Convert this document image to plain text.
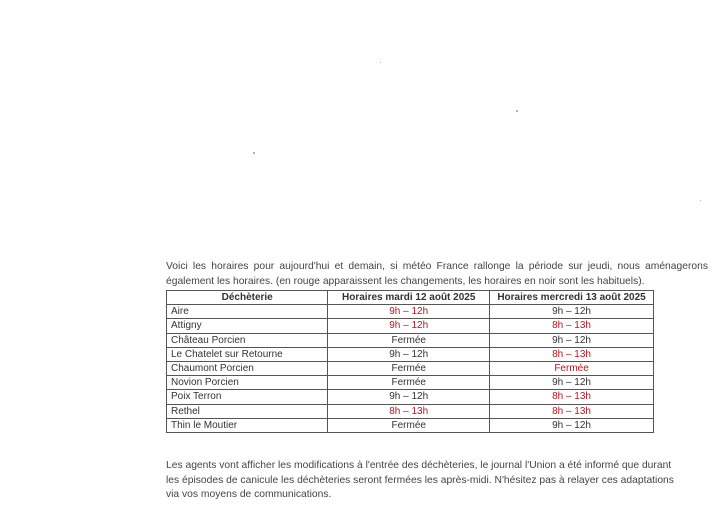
Voici les horaires pour aujourd'hui et demain, si météo France rallonge la période sur jeudi, nous aménagerons également les horaires. (en rouge apparaissent les changements, les horaires en noir sont les habituels).

Déchèterie	Horaires mardi 12 août 2025	Horaires mercredi 13 août 2025
Aire	9h – 12h	9h – 12h
Attigny	9h – 12h	8h – 13h
Château Porcien	Fermée	9h – 12h
Le Chatelet sur Retourne	9h – 12h	8h – 13h
Chaumont Porcien	Fermée	Fermée
Novion Porcien	Fermée	9h – 12h
Poix Terron	9h – 12h	8h – 13h
Rethel	8h – 13h	8h – 13h
Thin le Moutier	Fermée	9h – 12h

Les agents vont afficher les modifications à l'entrée des déchèteries, le journal l'Union a été informé que durant les épisodes de canicule les déchèteries seront fermées les après-midi. N'hésitez pas à relayer ces adaptations via vos moyens de communications.
